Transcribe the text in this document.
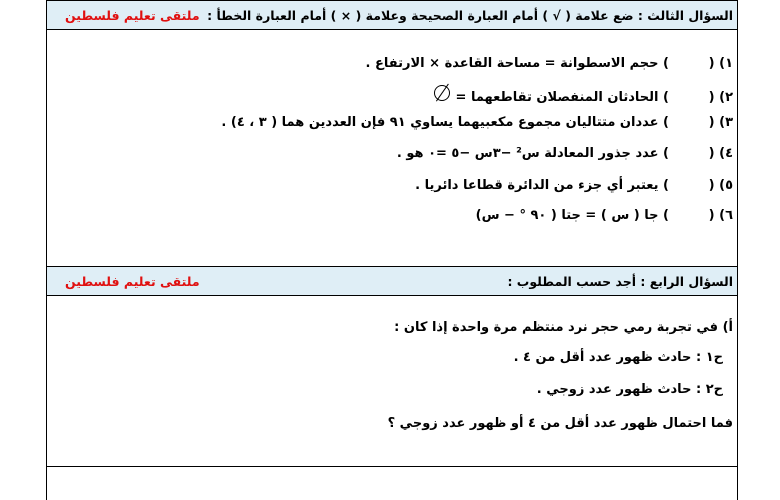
السؤال الثالث : ضع علامة ( √ ) أمام العبارة الصحيحة وعلامة ( × ) أمام العبارة الخطأ :
ملتقى تعليم فلسطين
١) (
)

حجم الاسطوانة = مساحة القاعدة × الارتفاع .
٢) (
)

الحادثان المنفصلان تقاطعهما =
٣) (
)

عددان متتاليان مجموع مكعبيهما يساوي ٩١ فإن العددين هما ( ٣ ، ٤) .
٤) (
)

عدد جذور المعادلة س² −٣س −٥ =٠ هو .
٥) (
)

يعتبر أي جزء من الدائرة قطاعا دائريا .
٦) (
)

جا ( س ) = جتا ( ٩٠ ° − س)
السؤال الرابع : أجد حسب المطلوب :
ملتقى تعليم فلسطين
أ) في تجربة رمي حجر نرد منتظم مرة واحدة إذا كان :
ح١ : حادث ظهور عدد أقل من ٤ .
ح٢ : حادث ظهور عدد زوجي .
فما احتمال ظهور عدد أقل من ٤ أو ظهور عدد زوجي ؟
